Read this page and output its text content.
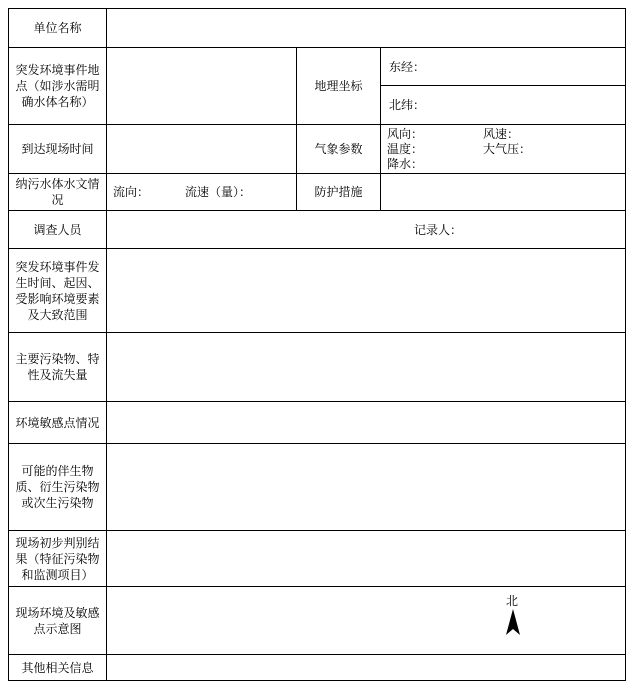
单位名称			
突发环境事件地点（如涉水需明确水体名称）		地理坐标	东经：
			北纬：
到达现场时间		气象参数	风向： 风速：
温度： 大气压：
降水：

纳污水体水文情况	流向： 流速（量）：	防护措施	
调查人员	记录人：		
突发环境事件发生时间、起因、受影响环境要素及大致范围			
主要污染物、特性及流失量			
环境敏感点情况			
可能的伴生物质、衍生污染物或次生污染物			
现场初步判别结果（特征污染物和监测项目）			
现场环境及敏感点示意图	北		

其他相关信息			
